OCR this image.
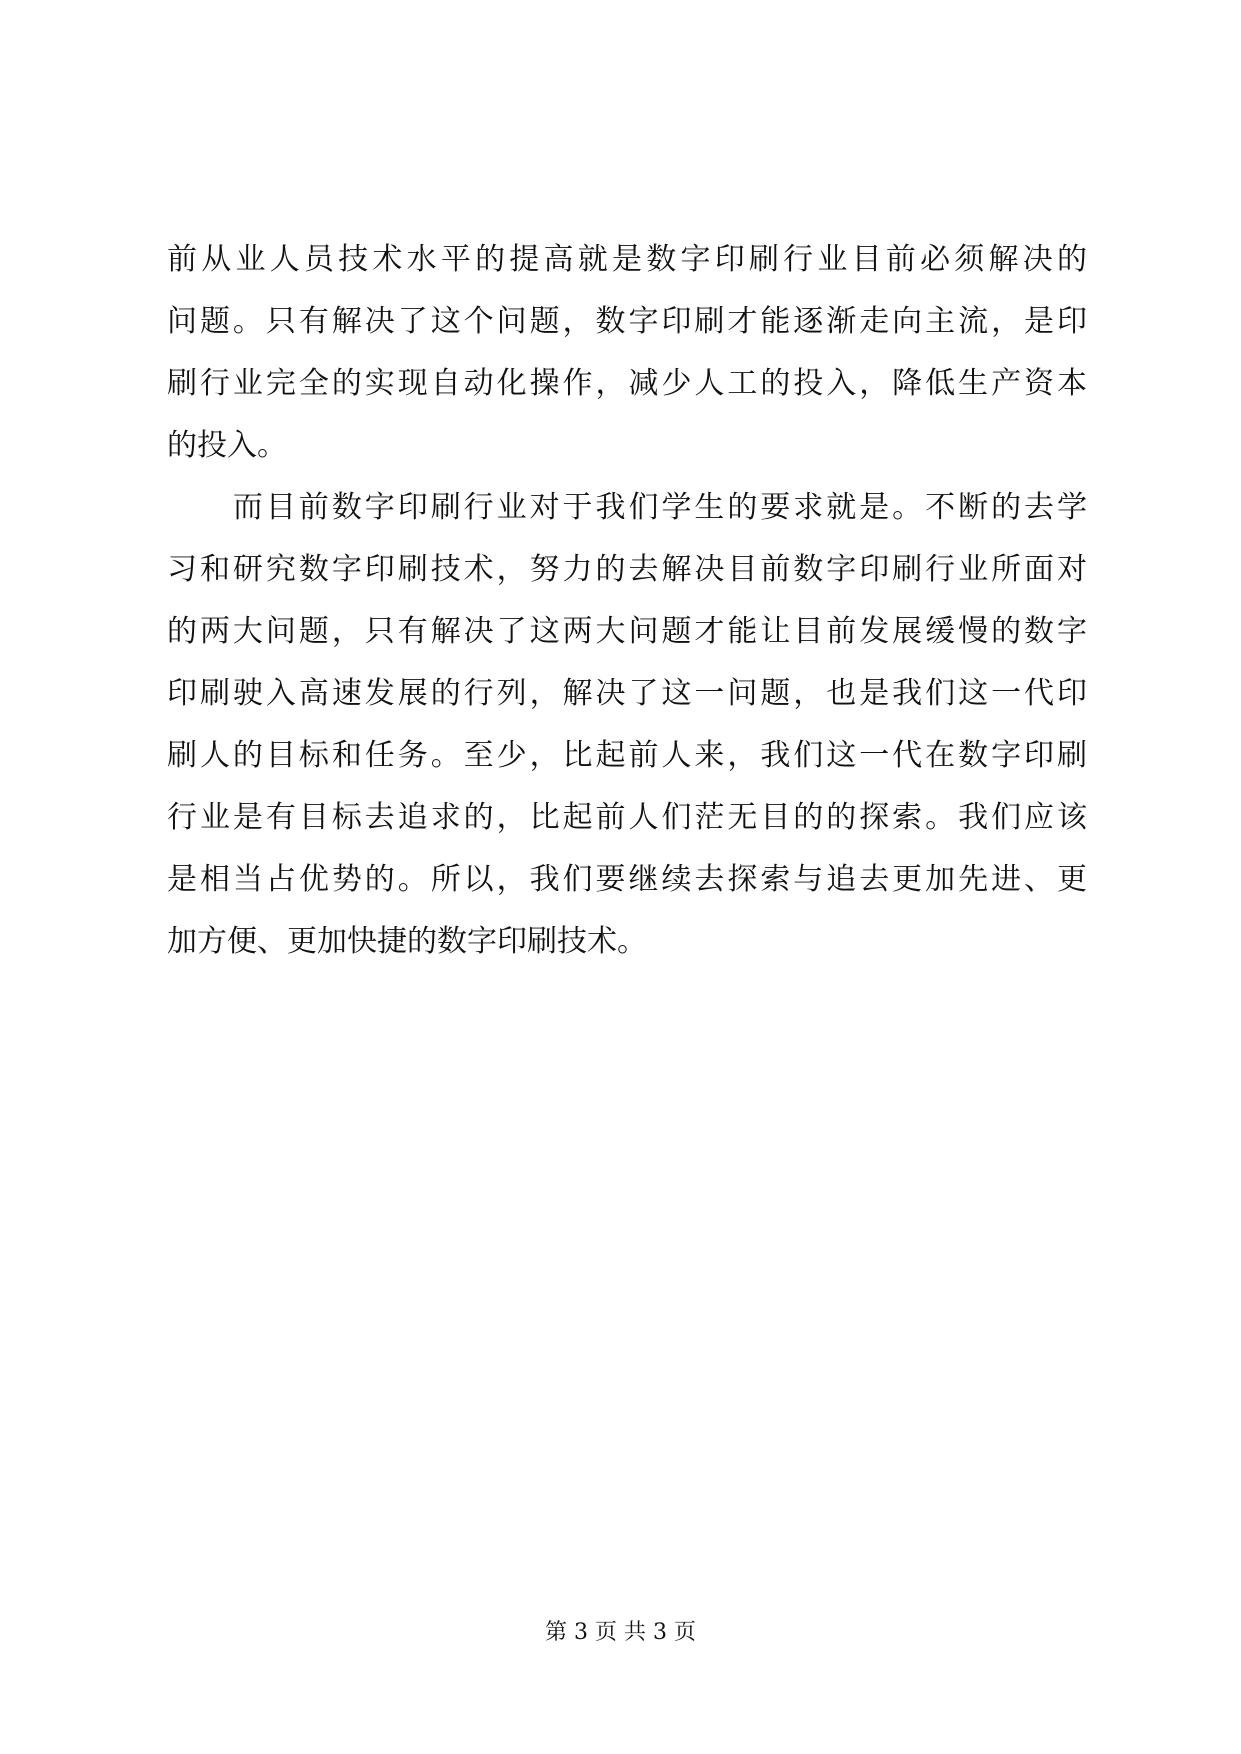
前从业人员技术水平的提高就是数字印刷行业目前必须解决的
问题。只有解决了这个问题，数字印刷才能逐渐走向主流，是印
刷行业完全的实现自动化操作，减少人工的投入，降低生产资本
的投入。
　　而目前数字印刷行业对于我们学生的要求就是。不断的去学
习和研究数字印刷技术，努力的去解决目前数字印刷行业所面对
的两大问题，只有解决了这两大问题才能让目前发展缓慢的数字
印刷驶入高速发展的行列，解决了这一问题，也是我们这一代印
刷人的目标和任务。至少，比起前人来，我们这一代在数字印刷
行业是有目标去追求的，比起前人们茫无目的的探索。我们应该
是相当占优势的。所以，我们要继续去探索与追去更加先进、更
加方便、更加快捷的数字印刷技术。
第 3 页 共 3 页
